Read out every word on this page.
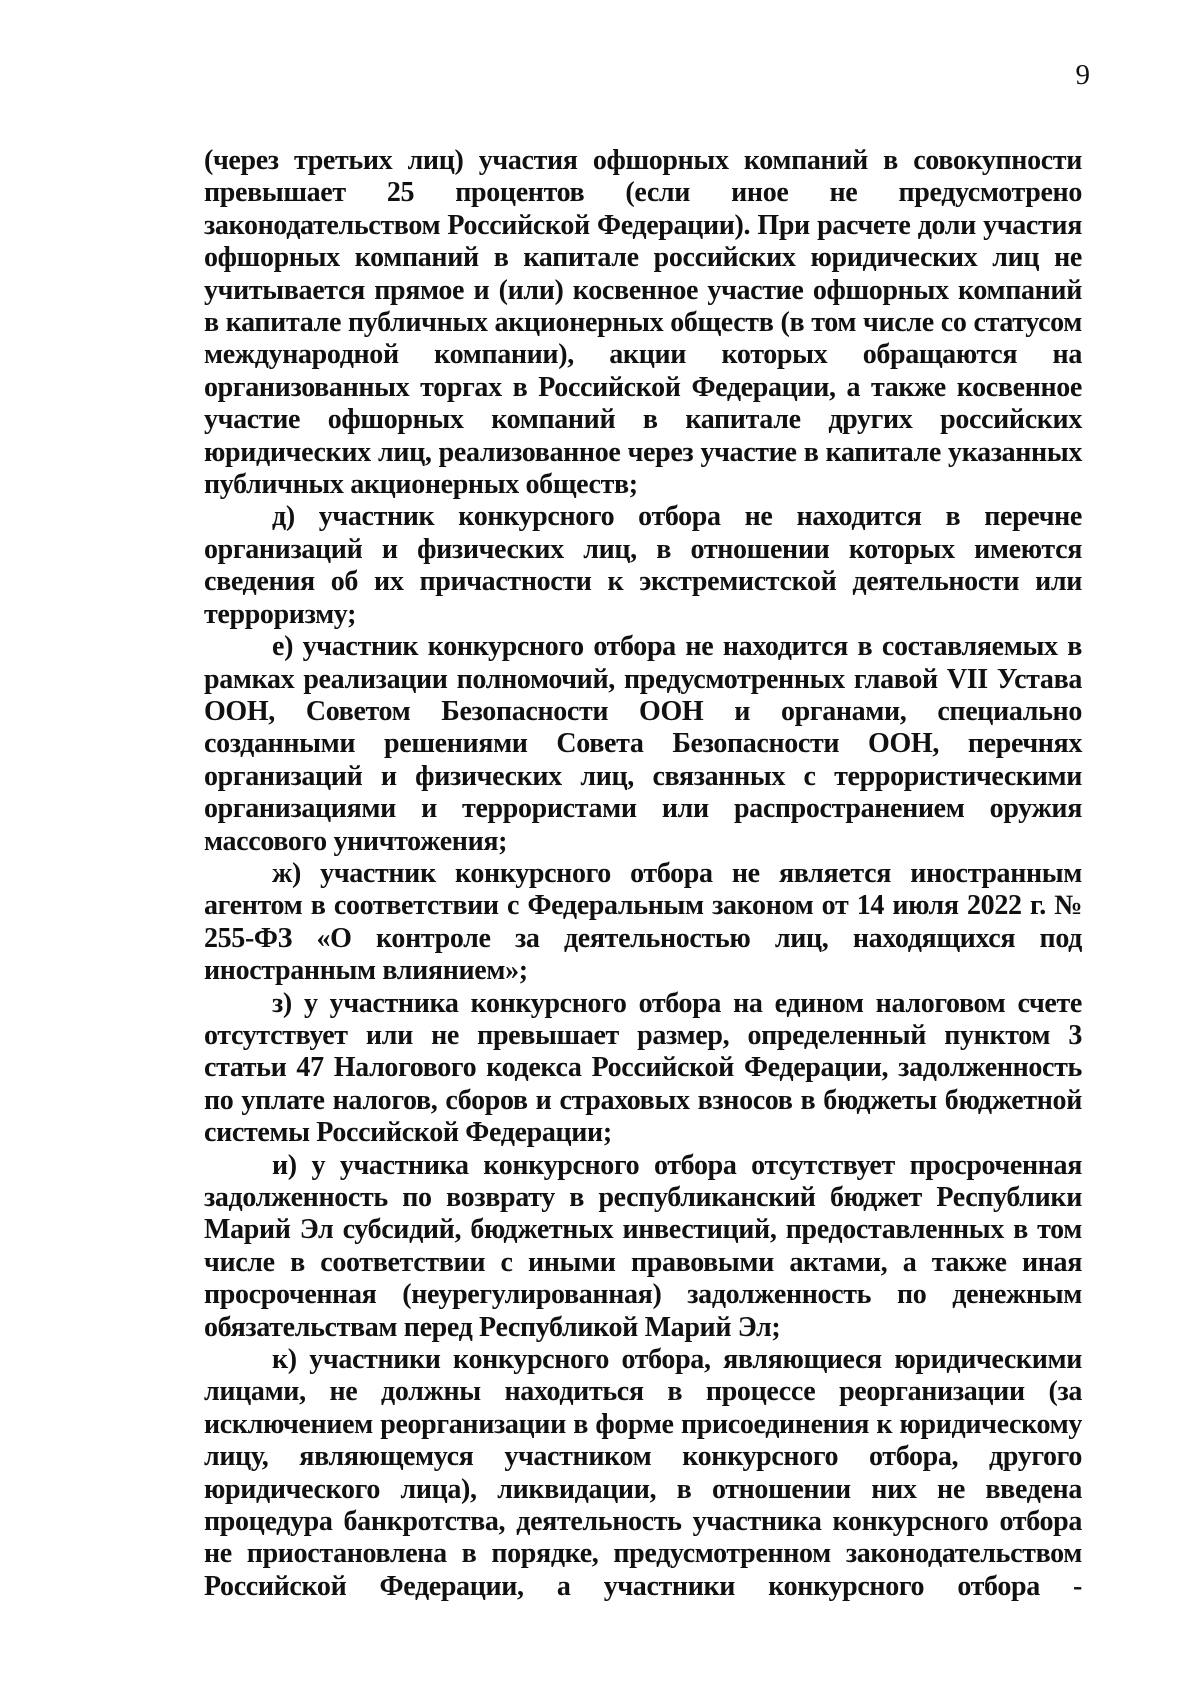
9

(через третьих лиц) участия офшорных компаний в совокупности превышает 25 процентов (если иное не предусмотрено законодательством Российской Федерации). При расчете доли участия офшорных компаний в капитале российских юридических лиц не учитывается прямое и (или) косвенное участие офшорных компаний в капитале публичных акционерных обществ (в том числе со статусом международной компании), акции которых обращаются на организованных торгах в Российской Федерации, а также косвенное участие офшорных компаний в капитале других российских юридических лиц, реализованное через участие в капитале указанных публичных акционерных обществ;

д) участник конкурсного отбора не находится в перечне организаций и физических лиц, в отношении которых имеются сведения об их причастности к экстремистской деятельности или терроризму;

е) участник конкурсного отбора не находится в составляемых в рамках реализации полномочий, предусмотренных главой VII Устава ООН, Советом Безопасности ООН и органами, специально созданными решениями Совета Безопасности ООН, перечнях организаций и физических лиц, связанных с террористическими организациями и террористами или распространением оружия массового уничтожения;

ж) участник конкурсного отбора не является иностранным агентом в соответствии с Федеральным законом от 14 июля 2022 г. № 255-ФЗ «О контроле за деятельностью лиц, находящихся под иностранным влиянием»;

з) у участника конкурсного отбора на едином налоговом счете отсутствует или не превышает размер, определенный пунктом 3 статьи 47 Налогового кодекса Российской Федерации, задолженность по уплате налогов, сборов и страховых взносов в бюджеты бюджетной системы Российской Федерации;

и) у участника конкурсного отбора отсутствует просроченная задолженность по возврату в республиканский бюджет Республики Марий Эл субсидий, бюджетных инвестиций, предоставленных в том числе в соответствии с иными правовыми актами, а также иная просроченная (неурегулированная) задолженность по денежным обязательствам перед Республикой Марий Эл;

к) участники конкурсного отбора, являющиеся юридическими лицами, не должны находиться в процессе реорганизации (за исключением реорганизации в форме присоединения к юридическому лицу, являющемуся участником конкурсного отбора, другого юридического лица), ликвидации, в отношении них не введена процедура банкротства, деятельность участника конкурсного отбора не приостановлена в порядке, предусмотренном законодательством Российской Федерации, а участники конкурсного отбора -
